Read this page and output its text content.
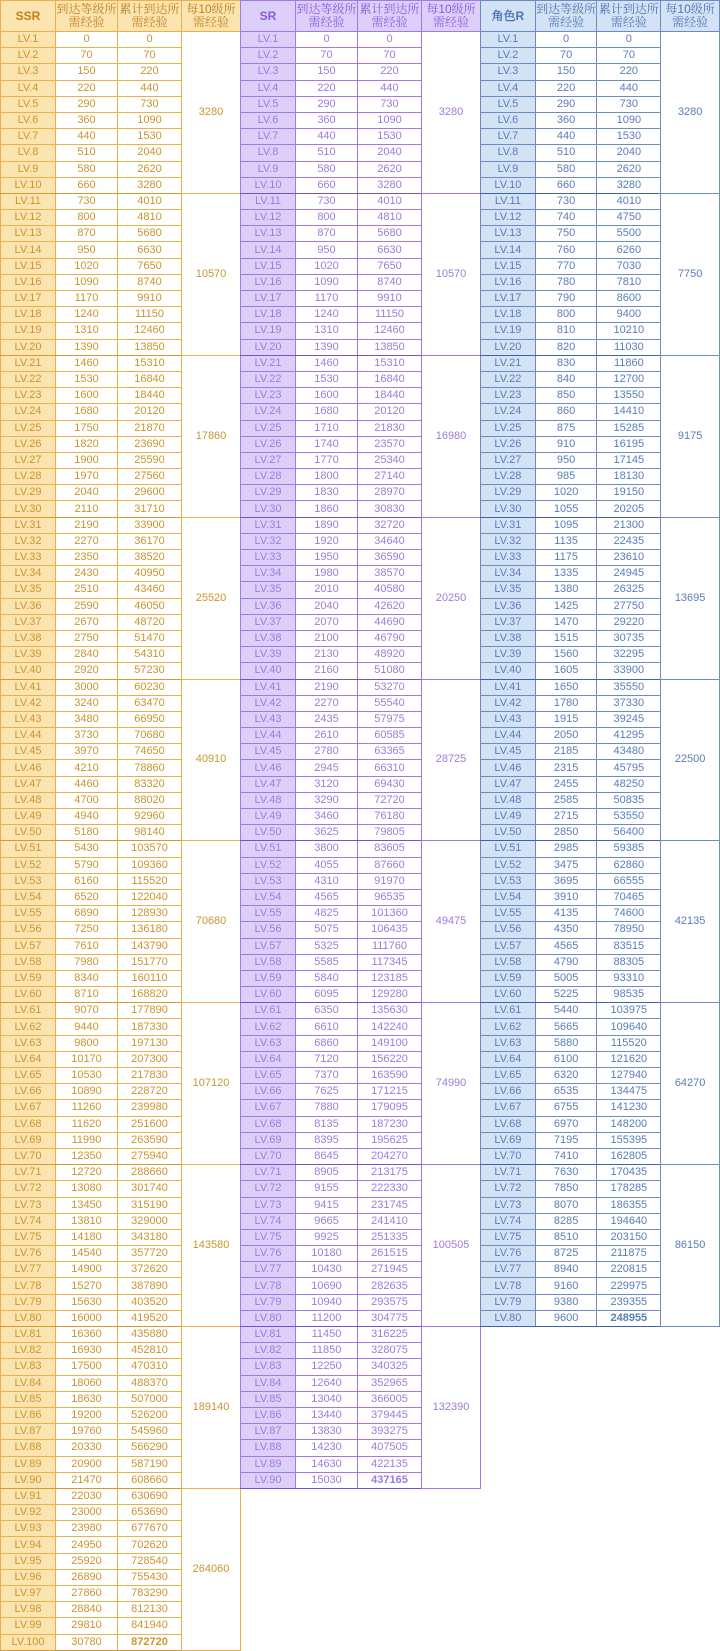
SSR	到达等级所需经验	累计到达所需经验	每10级所需经验
LV.1	0	0	3280
LV.2	70	70	
LV.3	150	220	
LV.4	220	440	
LV.5	290	730	
LV.6	360	1090	
LV.7	440	1530	
LV.8	510	2040	
LV.9	580	2620	
LV.10	660	3280	
LV.11	730	4010	10570
LV.12	800	4810	
LV.13	870	5680	
LV.14	950	6630	
LV.15	1020	7650	
LV.16	1090	8740	
LV.17	1170	9910	
LV.18	1240	11150	
LV.19	1310	12460	
LV.20	1390	13850	
LV.21	1460	15310	17860
LV.22	1530	16840	
LV.23	1600	18440	
LV.24	1680	20120	
LV.25	1750	21870	
LV.26	1820	23690	
LV.27	1900	25590	
LV.28	1970	27560	
LV.29	2040	29600	
LV.30	2110	31710	
LV.31	2190	33900	25520
LV.32	2270	36170	
LV.33	2350	38520	
LV.34	2430	40950	
LV.35	2510	43460	
LV.36	2590	46050	
LV.37	2670	48720	
LV.38	2750	51470	
LV.39	2840	54310	
LV.40	2920	57230	
LV.41	3000	60230	40910
LV.42	3240	63470	
LV.43	3480	66950	
LV.44	3730	70680	
LV.45	3970	74650	
LV.46	4210	78860	
LV.47	4460	83320	
LV.48	4700	88020	
LV.49	4940	92960	
LV.50	5180	98140	
LV.51	5430	103570	70680
LV.52	5790	109360	
LV.53	6160	115520	
LV.54	6520	122040	
LV.55	6890	128930	
LV.56	7250	136180	
LV.57	7610	143790	
LV.58	7980	151770	
LV.59	8340	160110	
LV.60	8710	168820	
LV.61	9070	177890	107120
LV.62	9440	187330	
LV.63	9800	197130	
LV.64	10170	207300	
LV.65	10530	217830	
LV.66	10890	228720	
LV.67	11260	239980	
LV.68	11620	251600	
LV.69	11990	263590	
LV.70	12350	275940	
LV.71	12720	288660	143580
LV.72	13080	301740	
LV.73	13450	315190	
LV.74	13810	329000	
LV.75	14180	343180	
LV.76	14540	357720	
LV.77	14900	372620	
LV.78	15270	387890	
LV.79	15630	403520	
LV.80	16000	419520	
LV.81	16360	435880	189140
LV.82	16930	452810	
LV.83	17500	470310	
LV.84	18060	488370	
LV.85	18630	507000	
LV.86	19200	526200	
LV.87	19760	545960	
LV.88	20330	566290	
LV.89	20900	587190	
LV.90	21470	608660	
LV.91	22030	630690	264060
LV.92	23000	653690	
LV.93	23980	677670	
LV.94	24950	702620	
LV.95	25920	728540	
LV.96	26890	755430	
LV.97	27860	783290	
LV.98	28840	812130	
LV.99	29810	841940	
LV.100	30780	872720	
SR	到达等级所需经验	累计到达所需经验	每10级所需经验
LV.1	0	0	3280
LV.2	70	70	
LV.3	150	220	
LV.4	220	440	
LV.5	290	730	
LV.6	360	1090	
LV.7	440	1530	
LV.8	510	2040	
LV.9	580	2620	
LV.10	660	3280	
LV.11	730	4010	10570
LV.12	800	4810	
LV.13	870	5680	
LV.14	950	6630	
LV.15	1020	7650	
LV.16	1090	8740	
LV.17	1170	9910	
LV.18	1240	11150	
LV.19	1310	12460	
LV.20	1390	13850	
LV.21	1460	15310	16980
LV.22	1530	16840	
LV.23	1600	18440	
LV.24	1680	20120	
LV.25	1710	21830	
LV.26	1740	23570	
LV.27	1770	25340	
LV.28	1800	27140	
LV.29	1830	28970	
LV.30	1860	30830	
LV.31	1890	32720	20250
LV.32	1920	34640	
LV.33	1950	36590	
LV.34	1980	38570	
LV.35	2010	40580	
LV.36	2040	42620	
LV.37	2070	44690	
LV.38	2100	46790	
LV.39	2130	48920	
LV.40	2160	51080	
LV.41	2190	53270	28725
LV.42	2270	55540	
LV.43	2435	57975	
LV.44	2610	60585	
LV.45	2780	63365	
LV.46	2945	66310	
LV.47	3120	69430	
LV.48	3290	72720	
LV.49	3460	76180	
LV.50	3625	79805	
LV.51	3800	83605	49475
LV.52	4055	87660	
LV.53	4310	91970	
LV.54	4565	96535	
LV.55	4825	101360	
LV.56	5075	106435	
LV.57	5325	111760	
LV.58	5585	117345	
LV.59	5840	123185	
LV.60	6095	129280	
LV.61	6350	135630	74990
LV.62	6610	142240	
LV.63	6860	149100	
LV.64	7120	156220	
LV.65	7370	163590	
LV.66	7625	171215	
LV.67	7880	179095	
LV.68	8135	187230	
LV.69	8395	195625	
LV.70	8645	204270	
LV.71	8905	213175	100505
LV.72	9155	222330	
LV.73	9415	231745	
LV.74	9665	241410	
LV.75	9925	251335	
LV.76	10180	261515	
LV.77	10430	271945	
LV.78	10690	282635	
LV.79	10940	293575	
LV.80	11200	304775	
LV.81	11450	316225	132390
LV.82	11850	328075	
LV.83	12250	340325	
LV.84	12640	352965	
LV.85	13040	366005	
LV.86	13440	379445	
LV.87	13830	393275	
LV.88	14230	407505	
LV.89	14630	422135	
LV.90	15030	437165	
角色R	到达等级所需经验	累计到达所需经验	每10级所需经验
LV.1	0	0	3280
LV.2	70	70	
LV.3	150	220	
LV.4	220	440	
LV.5	290	730	
LV.6	360	1090	
LV.7	440	1530	
LV.8	510	2040	
LV.9	580	2620	
LV.10	660	3280	
LV.11	730	4010	7750
LV.12	740	4750	
LV.13	750	5500	
LV.14	760	6260	
LV.15	770	7030	
LV.16	780	7810	
LV.17	790	8600	
LV.18	800	9400	
LV.19	810	10210	
LV.20	820	11030	
LV.21	830	11860	9175
LV.22	840	12700	
LV.23	850	13550	
LV.24	860	14410	
LV.25	875	15285	
LV.26	910	16195	
LV.27	950	17145	
LV.28	985	18130	
LV.29	1020	19150	
LV.30	1055	20205	
LV.31	1095	21300	13695
LV.32	1135	22435	
LV.33	1175	23610	
LV.34	1335	24945	
LV.35	1380	26325	
LV.36	1425	27750	
LV.37	1470	29220	
LV.38	1515	30735	
LV.39	1560	32295	
LV.40	1605	33900	
LV.41	1650	35550	22500
LV.42	1780	37330	
LV.43	1915	39245	
LV.44	2050	41295	
LV.45	2185	43480	
LV.46	2315	45795	
LV.47	2455	48250	
LV.48	2585	50835	
LV.49	2715	53550	
LV.50	2850	56400	
LV.51	2985	59385	42135
LV.52	3475	62860	
LV.53	3695	66555	
LV.54	3910	70465	
LV.55	4135	74600	
LV.56	4350	78950	
LV.57	4565	83515	
LV.58	4790	88305	
LV.59	5005	93310	
LV.60	5225	98535	
LV.61	5440	103975	64270
LV.62	5665	109640	
LV.63	5880	115520	
LV.64	6100	121620	
LV.65	6320	127940	
LV.66	6535	134475	
LV.67	6755	141230	
LV.68	6970	148200	
LV.69	7195	155395	
LV.70	7410	162805	
LV.71	7630	170435	86150
LV.72	7850	178285	
LV.73	8070	186355	
LV.74	8285	194640	
LV.75	8510	203150	
LV.76	8725	211875	
LV.77	8940	220815	
LV.78	9160	229975	
LV.79	9380	239355	
LV.80	9600	248955	
